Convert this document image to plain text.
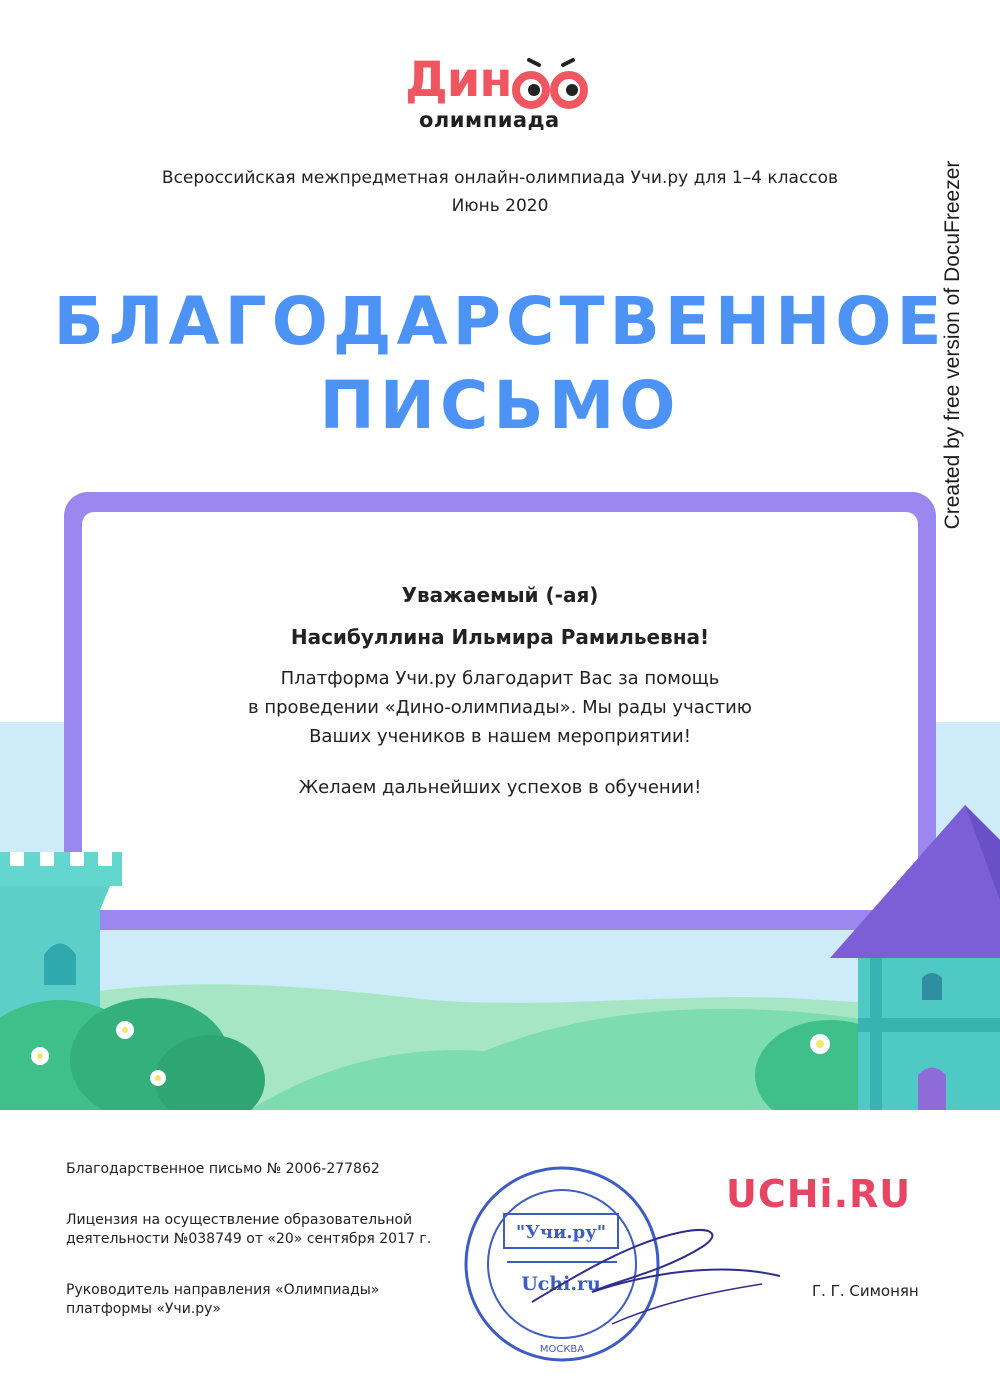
Дин
олимпиада
Всероссийская межпредметная онлайн-олимпиада Учи.ру для 1–4 классов
Июнь 2020
БЛАГОДАРСТВЕННОЕ
ПИСЬМО
Уважаемый (-ая)
Насибуллина Ильмира Рамильевна!
Платформа Учи.ру благодарит Вас за помощь
в проведении «Дино-олимпиады». Мы рады участию
Ваших учеников в нашем мероприятии!
Желаем дальнейших успехов в обучении!

Благодарственное письмо № 2006-277862

Лицензия на осуществление образовательной
деятельности №038749 от «20» сентября 2017 г.

Руководитель направления «Олимпиады»
платформы «Учи.ру»

UCHi.RU
"Учи.ру"
Uchi.ru
МОСКВА
Г. Г. Симонян
Created by free version of DocuFreezer
